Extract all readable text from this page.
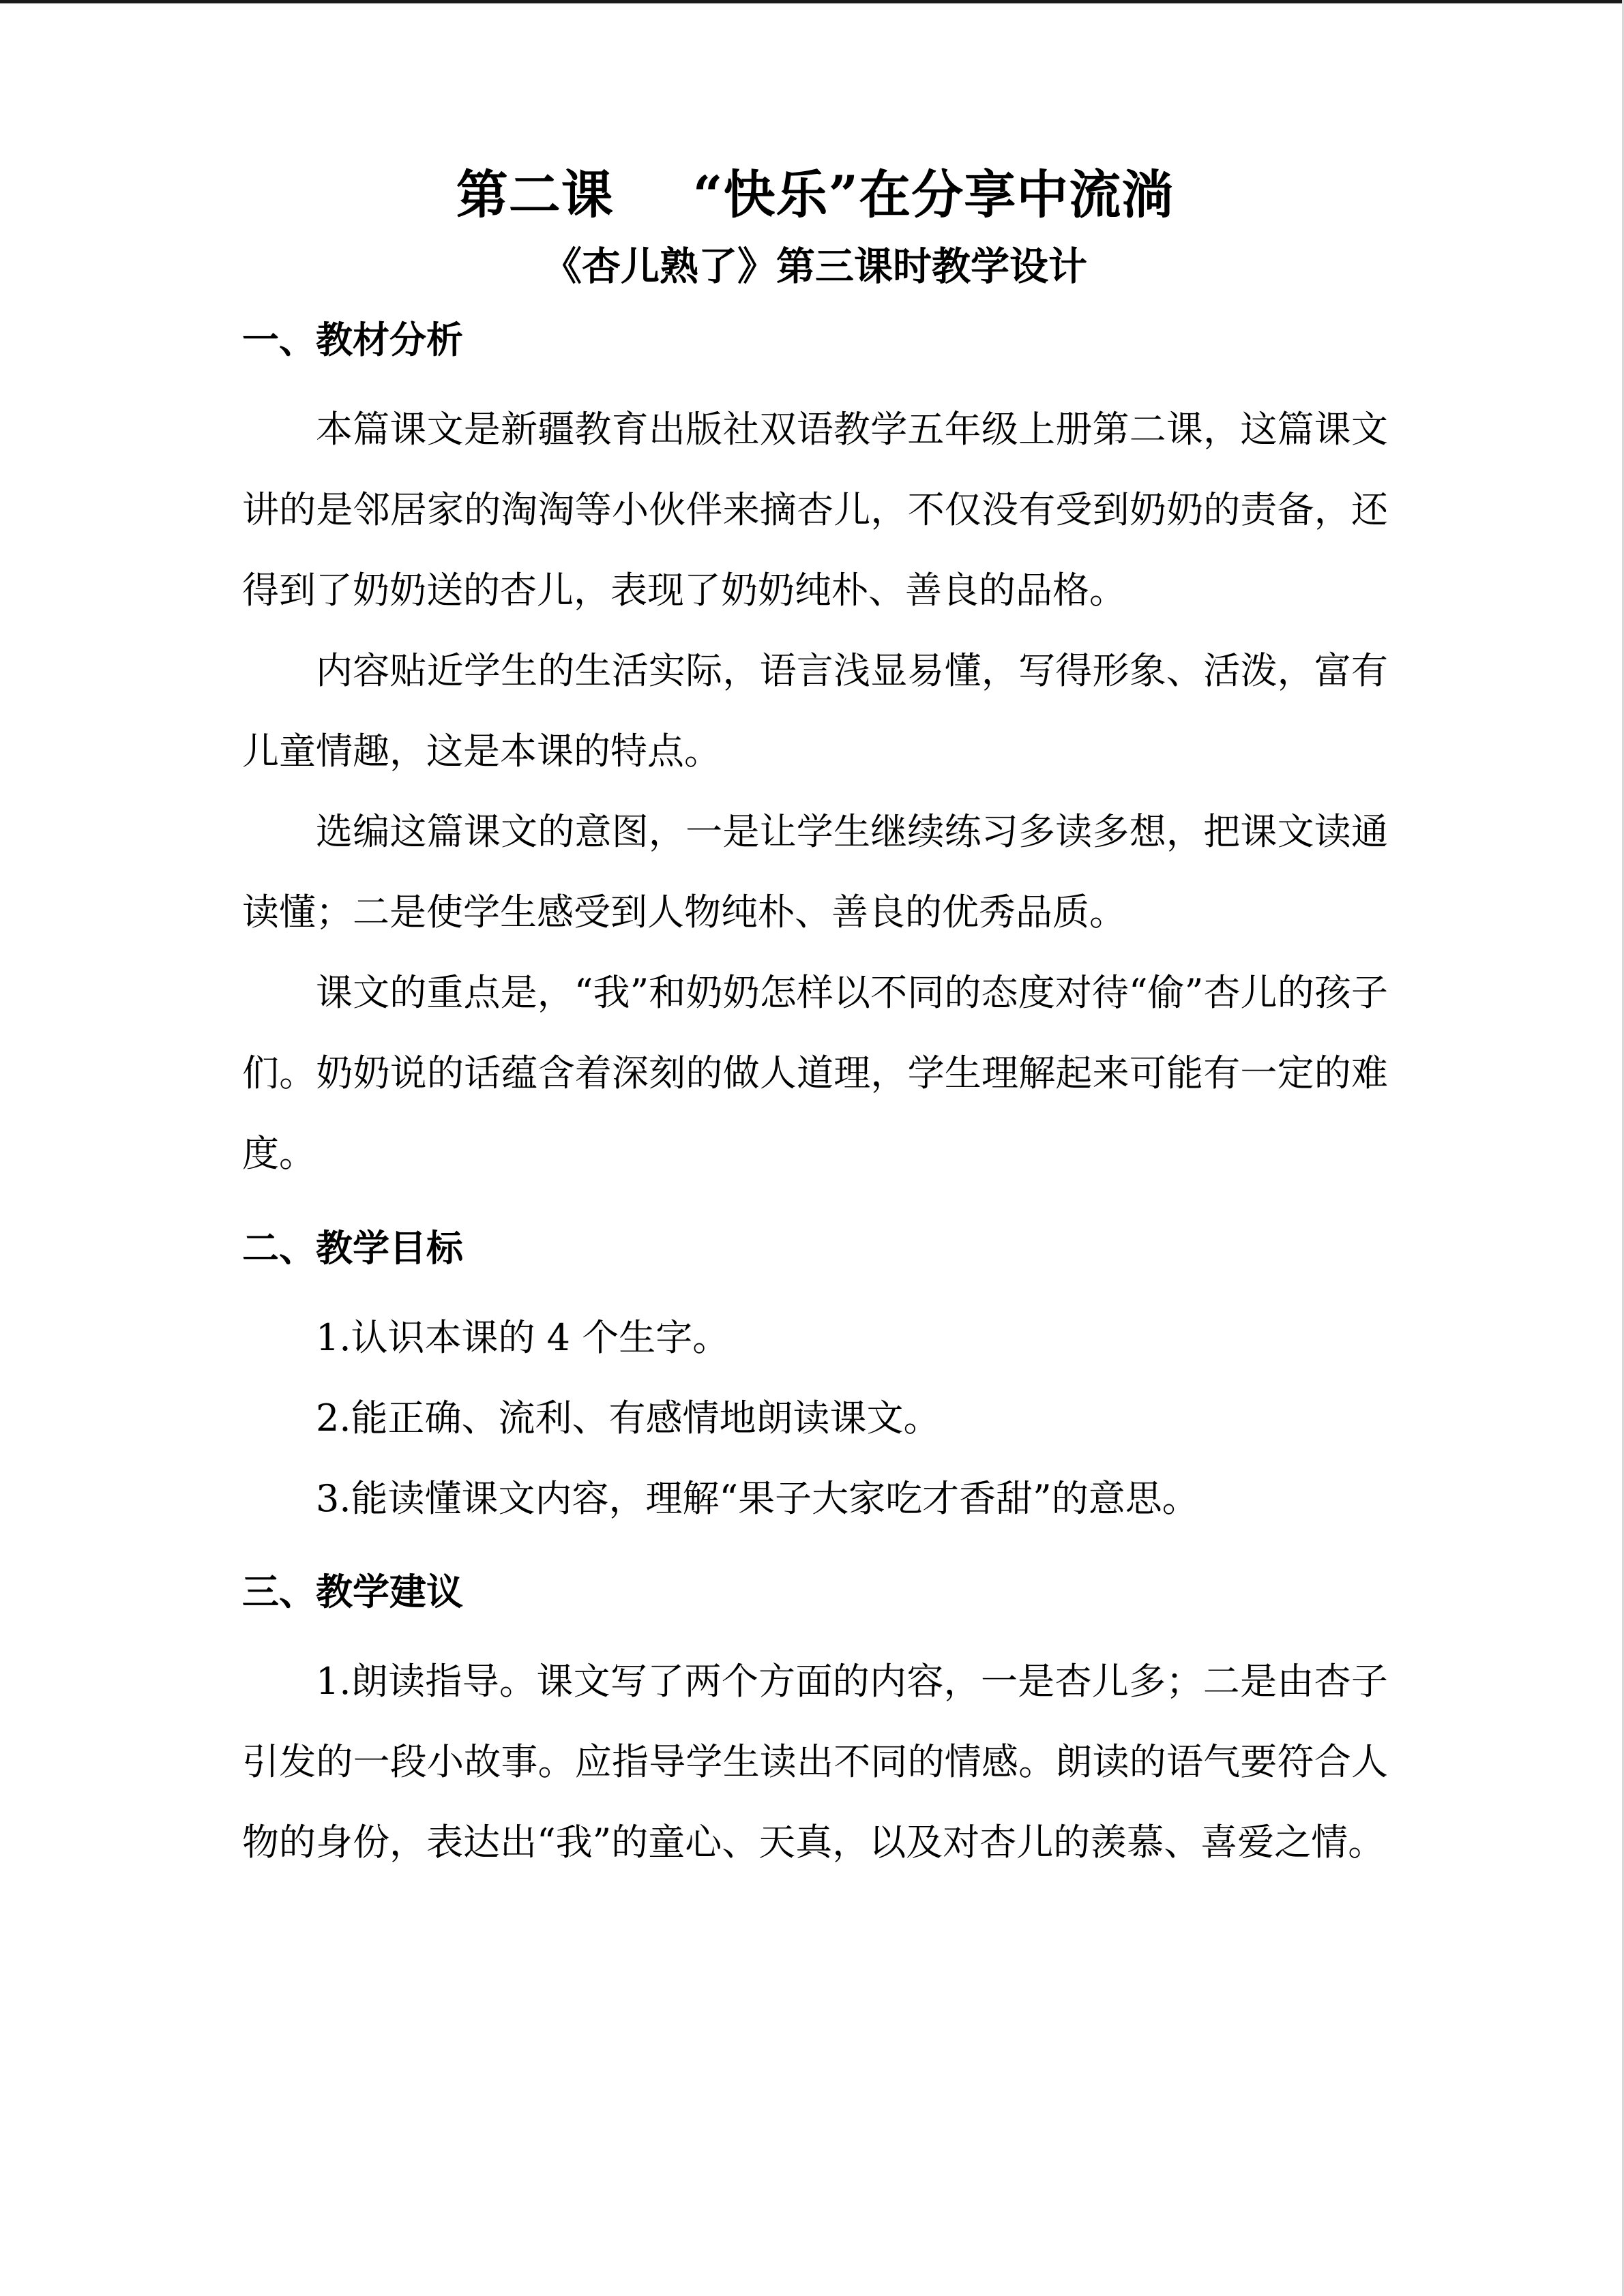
第二课  “快乐”在分享中流淌
《杏儿熟了》第三课时教学设计
一、教材分析

本篇课文是新疆教育出版社双语教学五年级上册第二课，这篇课文讲的是邻居家的淘淘等小伙伴来摘杏儿，不仅没有受到奶奶的责备，还得到了奶奶送的杏儿，表现了奶奶纯朴、善良的品格。

内容贴近学生的生活实际，语言浅显易懂，写得形象、活泼，富有儿童情趣，这是本课的特点。

选编这篇课文的意图，一是让学生继续练习多读多想，把课文读通读懂；二是使学生感受到人物纯朴、善良的优秀品质。

课文的重点是，“我”和奶奶怎样以不同的态度对待“偷”杏儿的孩子们。奶奶说的话蕴含着深刻的做人道理，学生理解起来可能有一定的难度。

二、教学目标

1.认识本课的 4 个生字。

2.能正确、流利、有感情地朗读课文。

3.能读懂课文内容，理解“果子大家吃才香甜”的意思。

三、教学建议

1.朗读指导。课文写了两个方面的内容，一是杏儿多；二是由杏子引发的一段小故事。应指导学生读出不同的情感。朗读的语气要符合人物的身份，表达出“我”的童心、天真，以及对杏儿的羡慕、喜爱之情。
